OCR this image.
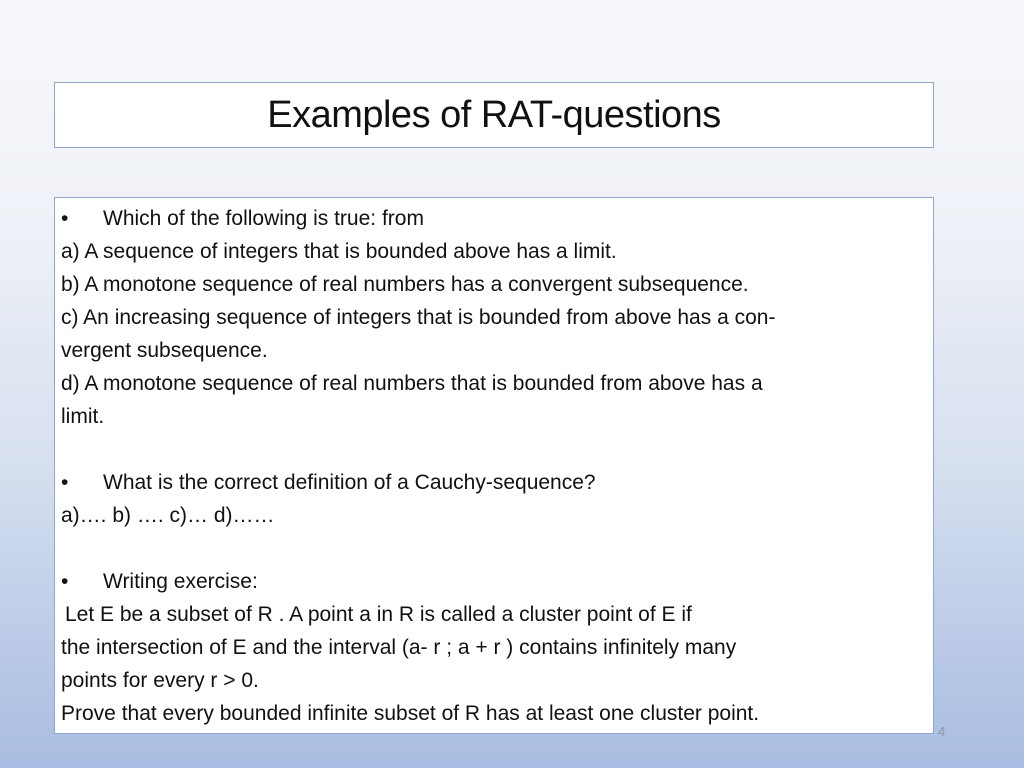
Examples of RAT-questions
•	Which of the following is true: from
a) A sequence of integers that is bounded above has a limit.
b) A monotone sequence of real numbers has a convergent subsequence.
c) An increasing sequence of integers that is bounded from above has a con-
vergent subsequence.
d) A monotone sequence of real numbers that is bounded from above has a
limit.
•	What is the correct definition of a Cauchy-sequence?
a)…. b) …. c)… d)……
•	Writing exercise:
Let E be a subset of R . A point a in R is called a cluster point of E if
the intersection of E and the interval (a- r ; a + r ) contains infinitely many
points for every r > 0.
Prove that every bounded infinite subset of R has at least one cluster point.
4
